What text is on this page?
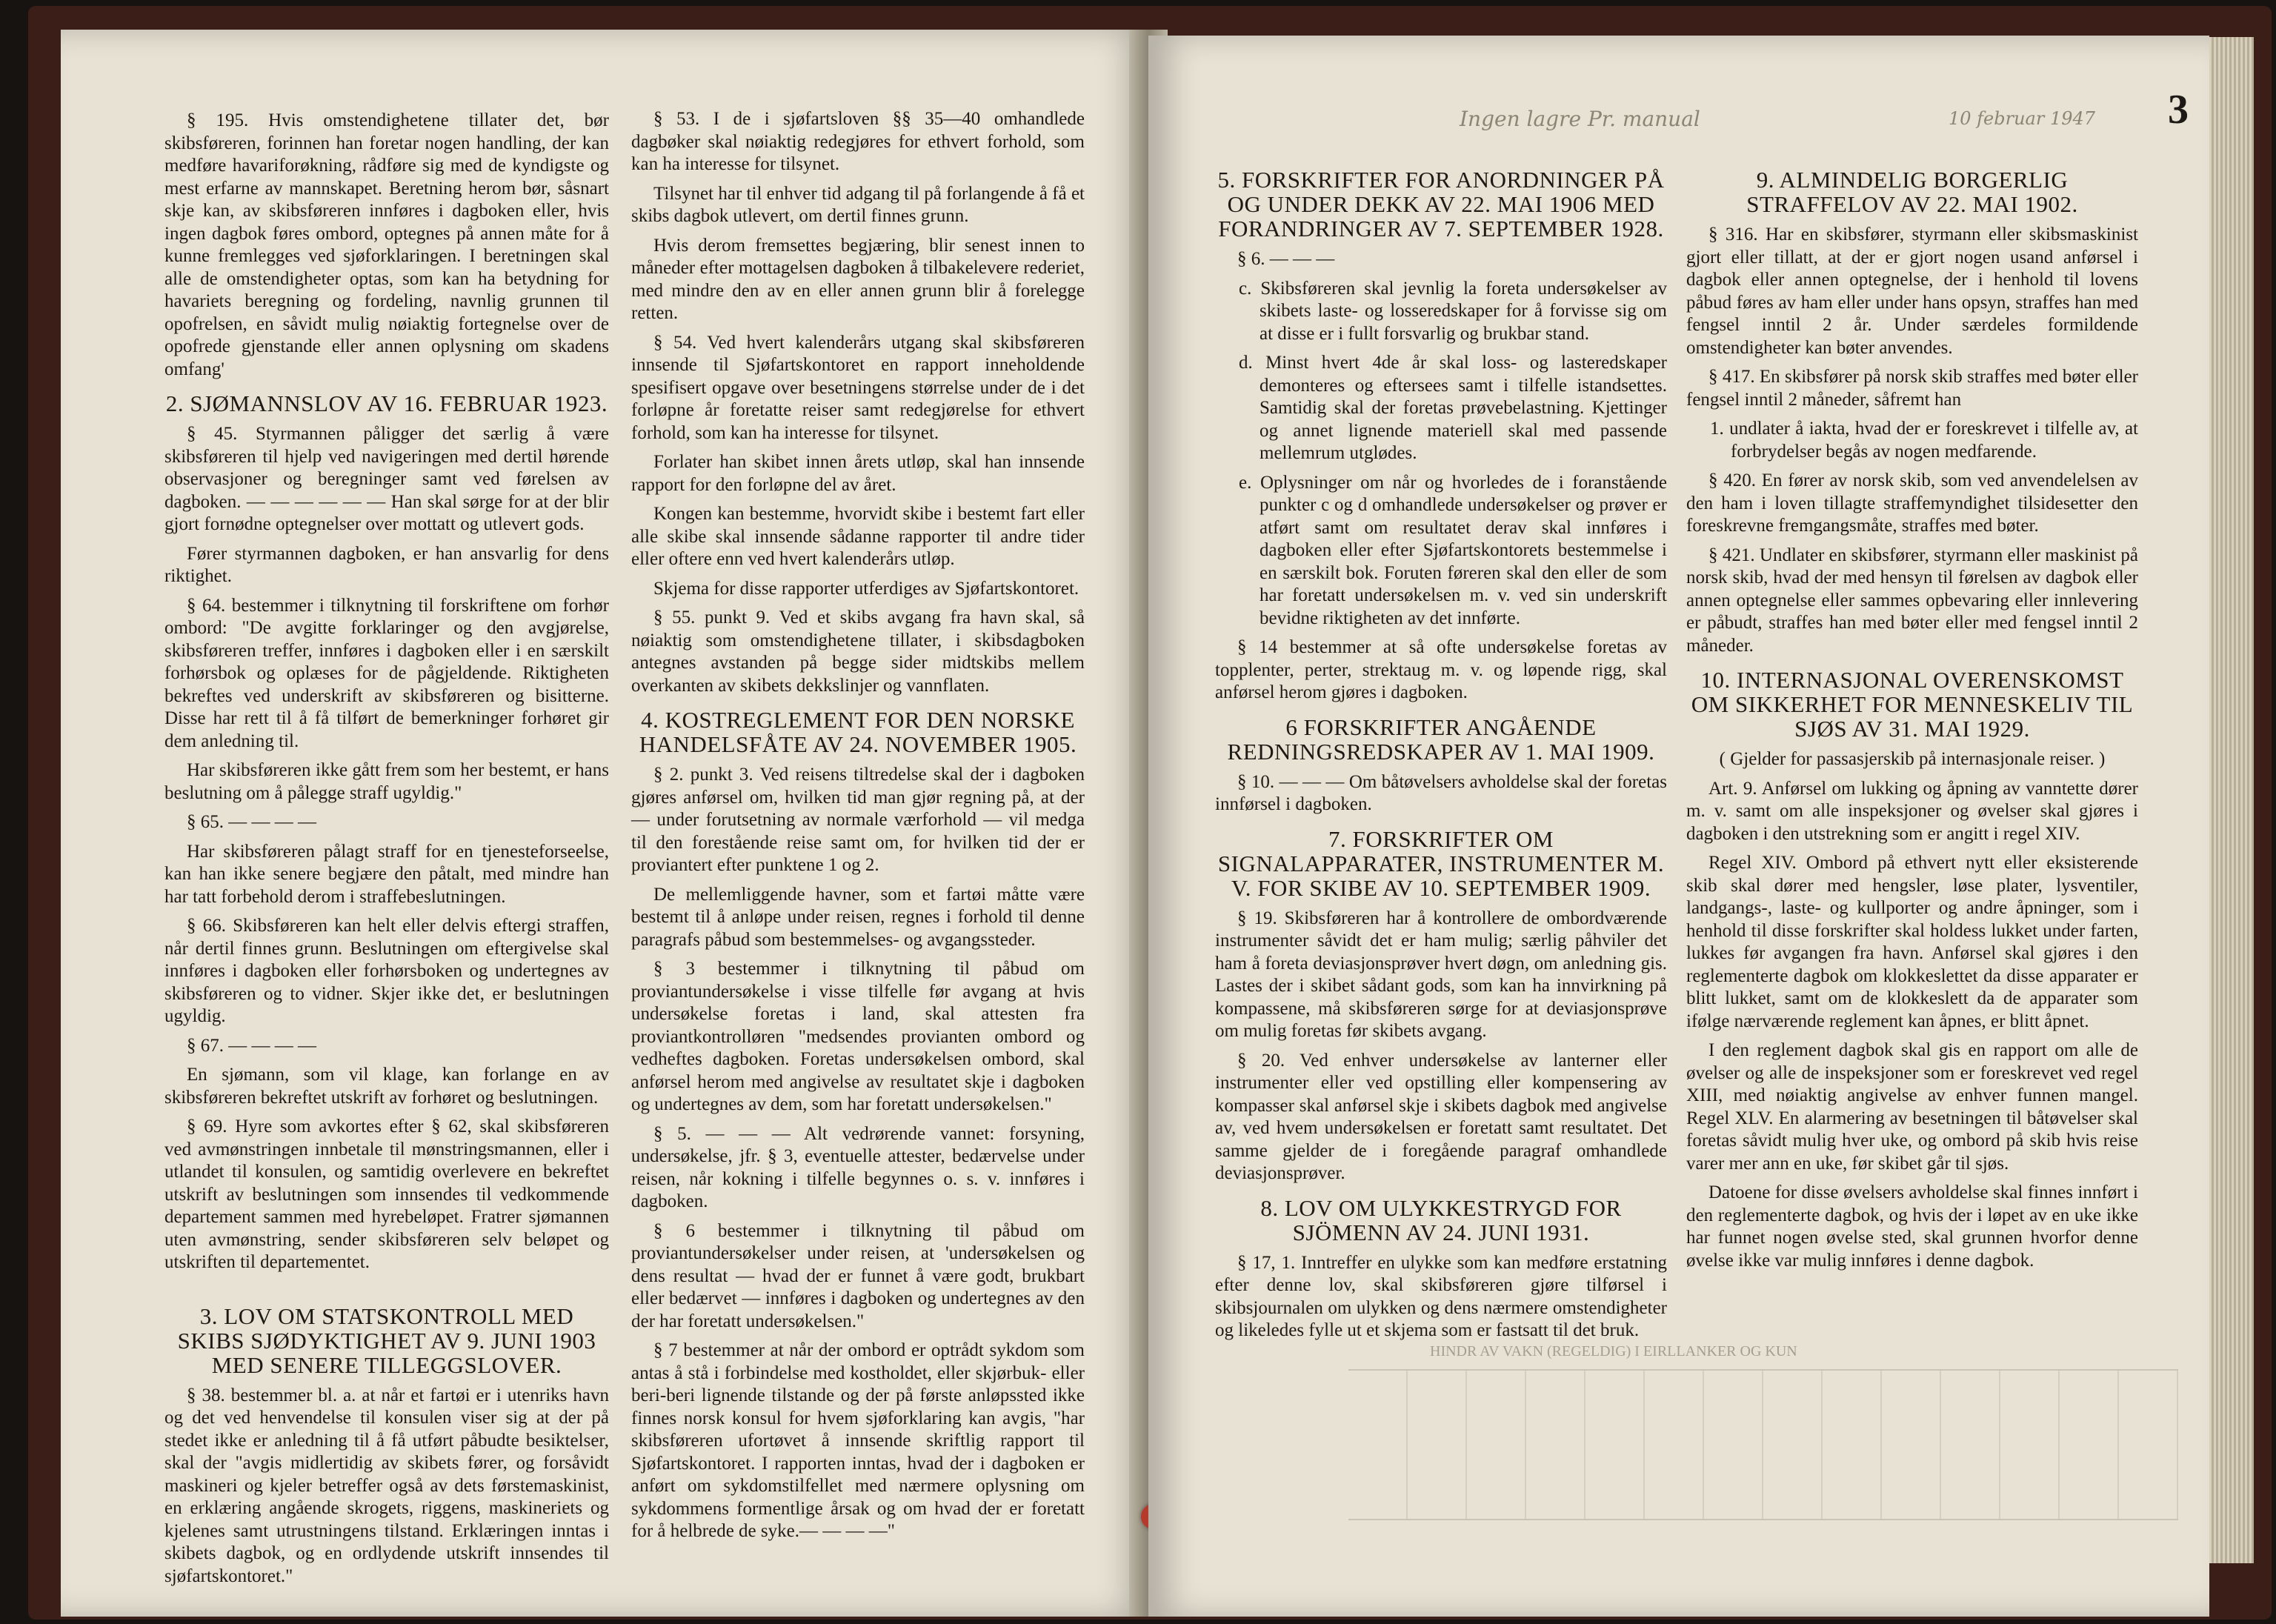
§ 195. Hvis omstendighetene tillater det, bør skibsføreren, forinnen han foretar nogen handling, der kan medføre havariforøkning, rådføre sig med de kyndigste og mest erfarne av mannskapet. Beretning herom bør, såsnart skje kan, av skibsføreren innføres i dagboken eller, hvis ingen dagbok føres ombord, optegnes på annen måte for å kunne fremlegges ved sjøforklaringen. I beretningen skal alle de omstendigheter optas, som kan ha betydning for havariets beregning og fordeling, navnlig grunnen til opofrelsen, en såvidt mulig nøiaktig fortegnelse over de opofrede gjenstande eller annen oplysning om skadens omfang'

2. SJØMANNSLOV AV 16. FEBRUAR 1923.

§ 45. Styrmannen påligger det særlig å være skibsføreren til hjelp ved navigeringen med dertil hørende observasjoner og beregninger samt ved førelsen av dagboken. — — — — — — Han skal sørge for at der blir gjort fornødne optegnelser over mottatt og utlevert gods.

Fører styrmannen dagboken, er han ansvarlig for dens riktighet.

§ 64. bestemmer i tilknytning til forskriftene om forhør ombord: "De avgitte forklaringer og den avgjørelse, skibsføreren treffer, innføres i dagboken eller i en særskilt forhørsbok og oplæses for de pågjeldende. Riktigheten bekreftes ved underskrift av skibsføreren og bisitterne. Disse har rett til å få tilført de bemerkninger forhøret gir dem anledning til.

Har skibsføreren ikke gått frem som her bestemt, er hans beslutning om å pålegge straff ugyldig."

§ 65. — — — —

Har skibsføreren pålagt straff for en tjenesteforseelse, kan han ikke senere begjære den påtalt, med mindre han har tatt forbehold derom i straffebeslutningen.

§ 66. Skibsføreren kan helt eller delvis eftergi straffen, når dertil finnes grunn. Beslutningen om eftergivelse skal innføres i dagboken eller forhørsboken og undertegnes av skibsføreren og to vidner. Skjer ikke det, er beslutningen ugyldig.

§ 67. — — — —

En sjømann, som vil klage, kan forlange en av skibsføreren bekreftet utskrift av forhøret og beslutningen.

§ 69. Hyre som avkortes efter § 62, skal skibsføreren ved avmønstringen innbetale til mønstringsmannen, eller i utlandet til konsulen, og samtidig overlevere en bekreftet utskrift av beslutningen som innsendes til vedkommende departement sammen med hyrebeløpet. Fratrer sjømannen uten avmønstring, sender skibsføreren selv beløpet og utskriften til departementet.

3. LOV OM STATSKONTROLL MED SKIBS SJØDYKTIGHET AV 9. JUNI 1903 MED SENERE TILLEGGSLOVER.

§ 38. bestemmer bl. a. at når et fartøi er i utenriks havn og det ved henvendelse til konsulen viser sig at der på stedet ikke er anledning til å få utført påbudte besiktelser, skal der "avgis midlertidig av skibets fører, og forsåvidt maskineri og kjeler betreffer også av dets førstemaskinist, en erklæring angående skrogets, riggens, maskineriets og kjelenes samt utrustningens tilstand. Erklæringen inntas i skibets dagbok, og en ordlydende utskrift innsendes til sjøfartskontoret."

§ 53. I de i sjøfartsloven §§ 35—40 omhandlede dagbøker skal nøiaktig redegjøres for ethvert forhold, som kan ha interesse for tilsynet.

Tilsynet har til enhver tid adgang til på forlangende å få et skibs dagbok utlevert, om dertil finnes grunn.

Hvis derom fremsettes begjæring, blir senest innen to måneder efter mottagelsen dagboken å tilbakelevere rederiet, med mindre den av en eller annen grunn blir å forelegge retten.

§ 54. Ved hvert kalenderårs utgang skal skibsføreren innsende til Sjøfartskontoret en rapport inneholdende spesifisert opgave over besetningens størrelse under de i det forløpne år foretatte reiser samt redegjørelse for ethvert forhold, som kan ha interesse for tilsynet.

Forlater han skibet innen årets utløp, skal han innsende rapport for den forløpne del av året.

Kongen kan bestemme, hvorvidt skibe i bestemt fart eller alle skibe skal innsende sådanne rapporter til andre tider eller oftere enn ved hvert kalenderårs utløp.

Skjema for disse rapporter utferdiges av Sjøfartskontoret.

§ 55. punkt 9. Ved et skibs avgang fra havn skal, så nøiaktig som omstendighetene tillater, i skibsdagboken antegnes avstanden på begge sider midtskibs mellem overkanten av skibets dekkslinjer og vannflaten.

4. KOSTREGLEMENT FOR DEN NORSKE HANDELSFÅTE AV 24. NOVEMBER 1905.

§ 2. punkt 3. Ved reisens tiltredelse skal der i dagboken gjøres anførsel om, hvilken tid man gjør regning på, at der — under forutsetning av normale værforhold — vil medga til den forestående reise samt om, for hvilken tid der er proviantert efter punktene 1 og 2.

De mellemliggende havner, som et fartøi måtte være bestemt til å anløpe under reisen, regnes i forhold til denne paragrafs påbud som bestemmelses- og avgangssteder.

§ 3 bestemmer i tilknytning til påbud om proviantundersøkelse i visse tilfelle før avgang at hvis undersøkelse foretas i land, skal attesten fra proviantkontrolløren "medsendes provianten ombord og vedheftes dagboken. Foretas undersøkelsen ombord, skal anførsel herom med angivelse av resultatet skje i dagboken og undertegnes av dem, som har foretatt undersøkelsen."

§ 5. — — — Alt vedrørende vannet: forsyning, undersøkelse, jfr. § 3, eventuelle attester, bedærvelse under reisen, når kokning i tilfelle begynnes o. s. v. innføres i dagboken.

§ 6 bestemmer i tilknytning til påbud om proviantundersøkelser under reisen, at 'undersøkelsen og dens resultat — hvad der er funnet å være godt, brukbart eller bedærvet — innføres i dagboken og undertegnes av den der har foretatt undersøkelsen."

§ 7 bestemmer at når der ombord er optrådt sykdom som antas å stå i forbindelse med kostholdet, eller skjørbuk- eller beri-beri lignende tilstande og der på første anløpssted ikke finnes norsk konsul for hvem sjøforklaring kan avgis, "har skibsføreren ufortøvet å innsende skriftlig rapport til Sjøfartskontoret. I rapporten inntas, hvad der i dagboken er anført om sykdomstilfellet med nærmere oplysning om sykdommens formentlige årsak og om hvad der er foretatt for å helbrede de syke.— — — —"

Ingen lagre Pr. manual	10 februar 1947 3
5. FORSKRIFTER FOR ANORDNINGER PÅ OG UNDER DEKK AV 22. MAI 1906 MED FORANDRINGER AV 7. SEPTEMBER 1928.

§ 6. — — —

c. Skibsføreren skal jevnlig la foreta undersøkelser av skibets laste- og losseredskaper for å forvisse sig om at disse er i fullt forsvarlig og brukbar stand.

d. Minst hvert 4de år skal loss- og lasteredskaper demonteres og eftersees samt i tilfelle istandsettes. Samtidig skal der foretas prøvebelastning. Kjettinger og annet lignende materiell skal med passende mellemrum utglødes.

e. Oplysninger om når og hvorledes de i foranstående punkter c og d omhandlede undersøkelser og prøver er atført samt om resultatet derav skal innføres i dagboken eller efter Sjøfartskontorets bestemmelse i en særskilt bok. Foruten føreren skal den eller de som har foretatt undersøkelsen m. v. ved sin underskrift bevidne riktigheten av det innførte.

§ 14 bestemmer at så ofte undersøkelse foretas av topplenter, perter, strektaug m. v. og løpende rigg, skal anførsel herom gjøres i dagboken.

6 FORSKRIFTER ANGÅENDE REDNINGSREDSKAPER AV 1. MAI 1909.

§ 10. — — — Om båtøvelsers avholdelse skal der foretas innførsel i dagboken.

7. FORSKRIFTER OM SIGNALAPPARATER, INSTRUMENTER M. V. FOR SKIBE AV 10. SEPTEMBER 1909.

§ 19. Skibsføreren har å kontrollere de ombordværende instrumenter såvidt det er ham mulig; særlig påhviler det ham å foreta deviasjonsprøver hvert døgn, om anledning gis. Lastes der i skibet sådant gods, som kan ha innvirkning på kompassene, må skibsføreren sørge for at deviasjonsprøve om mulig foretas før skibets avgang.

§ 20. Ved enhver undersøkelse av lanterner eller instrumenter eller ved opstilling eller kompensering av kompasser skal anførsel skje i skibets dagbok med angivelse av, ved hvem undersøkelsen er foretatt samt resultatet. Det samme gjelder de i foregående paragraf omhandlede deviasjonsprøver.

8. LOV OM ULYKKESTRYGD FOR SJÖMENN AV 24. JUNI 1931.

§ 17, 1. Inntreffer en ulykke som kan medføre erstatning efter denne lov, skal skibsføreren gjøre tilførsel i skibsjournalen om ulykken og dens nærmere omstendigheter og likeledes fylle ut et skjema som er fastsatt til det bruk.

9. ALMINDELIG BORGERLIG STRAFFELOV AV 22. MAI 1902.

§ 316. Har en skibsfører, styrmann eller skibsmaskinist gjort eller tillatt, at der er gjort nogen usand anførsel i dagbok eller annen optegnelse, der i henhold til lovens påbud føres av ham eller under hans opsyn, straffes han med fengsel inntil 2 år. Under særdeles formildende omstendigheter kan bøter anvendes.

§ 417. En skibsfører på norsk skib straffes med bøter eller fengsel inntil 2 måneder, såfremt han

1. undlater å iakta, hvad der er foreskrevet i tilfelle av, at forbrydelser begås av nogen medfarende.

§ 420. En fører av norsk skib, som ved anvendelelsen av den ham i loven tillagte straffemyndighet tilsidesetter den foreskrevne fremgangsmåte, straffes med bøter.

§ 421. Undlater en skibsfører, styrmann eller maskinist på norsk skib, hvad der med hensyn til førelsen av dagbok eller annen optegnelse eller sammes opbevaring eller innlevering er påbudt, straffes han med bøter eller med fengsel inntil 2 måneder.

10. INTERNASJONAL OVERENSKOMST OM SIKKERHET FOR MENNESKELIV TIL SJØS AV 31. MAI 1929.

( Gjelder for passasjerskib på internasjonale reiser. )

Art. 9. Anførsel om lukking og åpning av vanntette dører m. v. samt om alle inspeksjoner og øvelser skal gjøres i dagboken i den utstrekning som er angitt i regel XIV.

Regel XIV. Ombord på ethvert nytt eller eksisterende skib skal dører med hengsler, løse plater, lysventiler, landgangs-, laste- og kullporter og andre åpninger, som i henhold til disse forskrifter skal holdess lukket under farten, lukkes før avgangen fra havn. Anførsel skal gjøres i den reglementerte dagbok om klokkeslettet da disse apparater er blitt lukket, samt om de klokkeslett da de apparater som ifølge nærværende reglement kan åpnes, er blitt åpnet.

I den reglement dagbok skal gis en rapport om alle de øvelser og alle de inspeksjoner som er foreskrevet ved regel XIII, med nøiaktig angivelse av enhver funnen mangel. Regel XLV. En alarmering av besetningen til båtøvelser skal foretas såvidt mulig hver uke, og ombord på skib hvis reise varer mer ann en uke, før skibet går til sjøs.

Datoene for disse øvelsers avholdelse skal finnes innført i den reglementerte dagbok, og hvis der i løpet av en uke ikke har funnet nogen øvelse sted, skal grunnen hvorfor denne øvelse ikke var mulig innføres i denne dagbok.

HINDR AV VAKN (REGELDIG) I EIRLLANKER OG KUN
